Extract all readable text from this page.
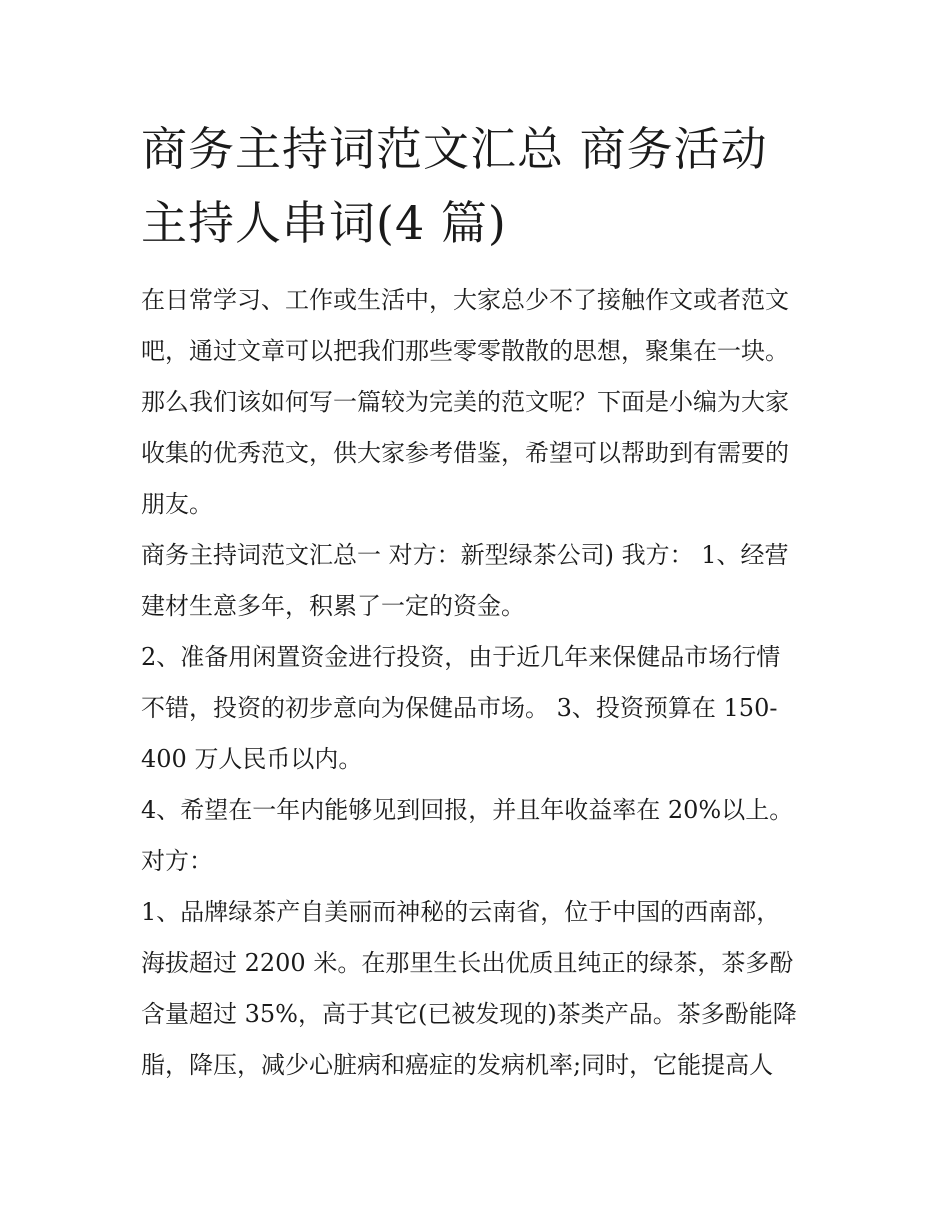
商务主持词范文汇总 商务活动
主持人串词(4 篇)

在日常学习、工作或生活中，大家总少不了接触作文或者范文

吧，通过文章可以把我们那些零零散散的思想，聚集在一块。

那么我们该如何写一篇较为完美的范文呢？下面是小编为大家

收集的优秀范文，供大家参考借鉴，希望可以帮助到有需要的

朋友。

商务主持词范文汇总一 对方：新型绿茶公司) 我方： 1、经营

建材生意多年，积累了一定的资金。

2、准备用闲置资金进行投资，由于近几年来保健品市场行情

不错，投资的初步意向为保健品市场。 3、投资预算在 150-

400 万人民币以内。

4、希望在一年内能够见到回报，并且年收益率在 20%以上。

对方：

1、品牌绿茶产自美丽而神秘的云南省，位于中国的西南部，

海拔超过 2200 米。在那里生长出优质且纯正的绿茶，茶多酚

含量超过 35%，高于其它(已被发现的)茶类产品。茶多酚能降

脂，降压，减少心脏病和癌症的发病机率;同时，它能提高人
